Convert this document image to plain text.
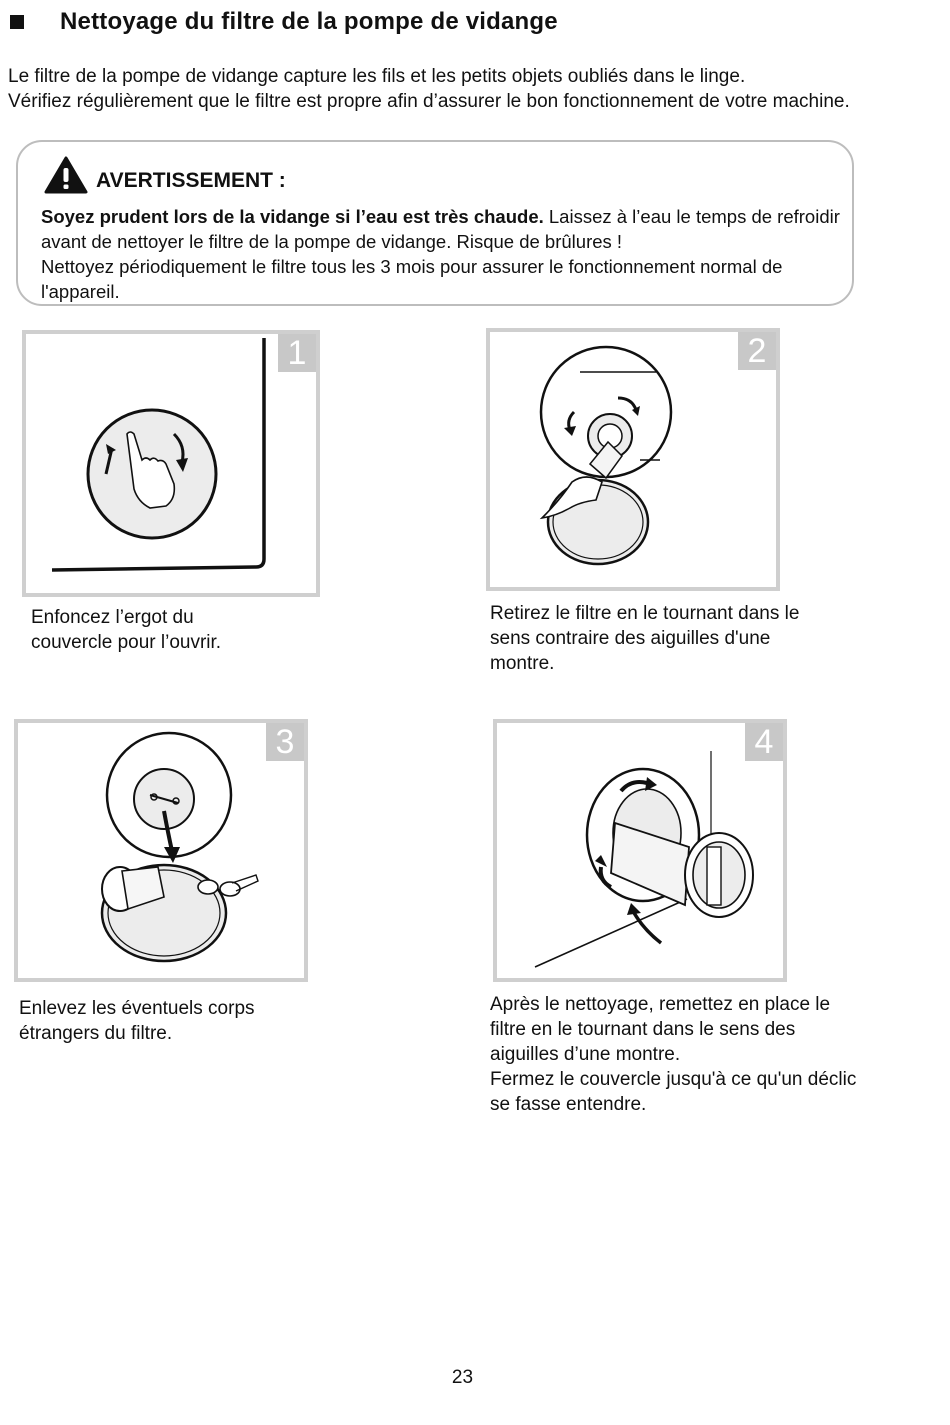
Nettoyage du filtre de la pompe de vidange

Le filtre de la pompe de vidange capture les fils et les petits objets oubliés dans le linge.

Vérifiez régulièrement que le filtre est propre afin d’assurer le bon fonctionnement de votre machine.

AVERTISSEMENT :

Soyez prudent lors de la vidange si l’eau est très chaude. Laissez à l’eau le temps de refroidir avant de nettoyer le filtre de la pompe de vidange. Risque de brûlures !

Nettoyez périodiquement le filtre tous les 3 mois pour assurer le fonctionnement normal de l'appareil.

1

Enfoncez l’ergot du

couvercle pour l’ouvrir.

2

Retirez le filtre en le tournant dans le

sens contraire des aiguilles d'une

montre.

3

Enlevez les éventuels corps

étrangers du filtre.

4

Après le nettoyage, remettez en place le

filtre en le tournant dans le sens des

aiguilles d’une montre.

Fermez le couvercle jusqu'à ce qu'un déclic

se fasse entendre.

23
